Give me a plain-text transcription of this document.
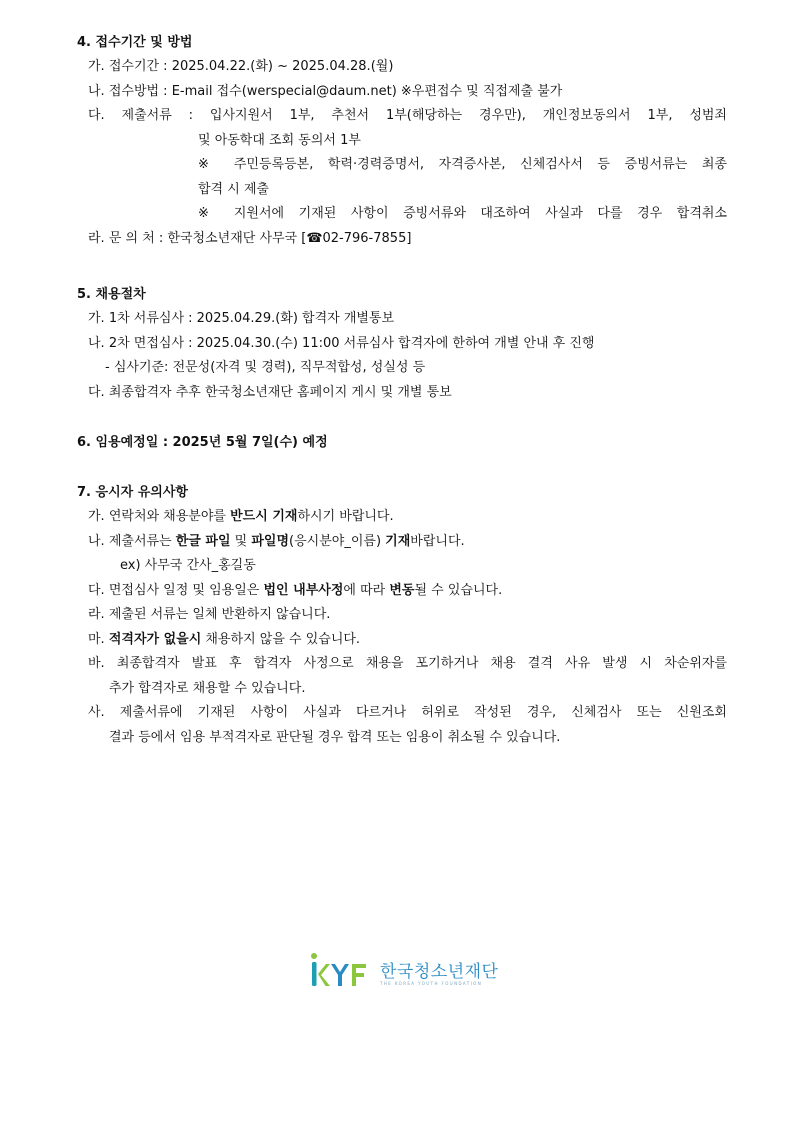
4. 접수기간 및 방법
가. 접수기간 : 2025.04.22.(화) ~ 2025.04.28.(월)
나. 접수방법 : E-mail 접수(werspecial@daum.net) ※우편접수 및 직접제출 불가
다. 제출서류 : 입사지원서 1부, 추천서 1부(해당하는 경우만), 개인정보동의서 1부, 성범죄
및 아동학대 조회 동의서 1부
※ 주민등록등본, 학력·경력증명서, 자격증사본, 신체검사서 등 증빙서류는 최종
합격 시 제출
※ 지원서에 기재된 사항이 증빙서류와 대조하여 사실과 다를 경우 합격취소
라. 문 의 처 : 한국청소년재단 사무국 [☎02-796-7855]
5. 채용절차
가. 1차 서류심사 : 2025.04.29.(화) 합격자 개별통보
나. 2차 면접심사 : 2025.04.30.(수) 11:00 서류심사 합격자에 한하여 개별 안내 후 진행
- 심사기준: 전문성(자격 및 경력), 직무적합성, 성실성 등
다. 최종합격자 추후 한국청소년재단 홈페이지 게시 및 개별 통보
6. 임용예정일 : 2025년 5월 7일(수) 예정
7. 응시자 유의사항
가. 연락처와 채용분야를 반드시 기재하시기 바랍니다.
나. 제출서류는 한글 파일 및 파일명(응시분야_이름) 기재바랍니다.
ex) 사무국 간사_홍길동
다. 면접심사 일정 및 임용일은 법인 내부사정에 따라 변동될 수 있습니다.
라. 제출된 서류는 일체 반환하지 않습니다.
마. 적격자가 없을시 채용하지 않을 수 있습니다.
바. 최종합격자 발표 후 합격자 사정으로 채용을 포기하거나 채용 결격 사유 발생 시 차순위자를
추가 합격자로 채용할 수 있습니다.
사. 제출서류에 기재된 사항이 사실과 다르거나 허위로 작성된 경우, 신체검사 또는 신원조회
결과 등에서 임용 부적격자로 판단될 경우 합격 또는 임용이 취소될 수 있습니다.
한국청소년재단
THE KOREA YOUTH FOUNDATION
